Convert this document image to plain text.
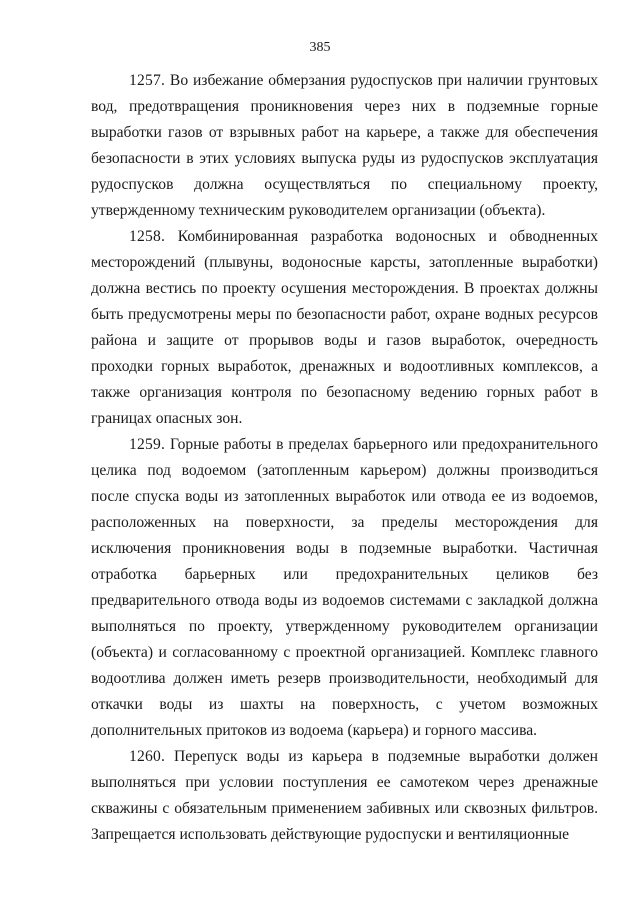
385

1257. Во избежание обмерзания рудоспусков при наличии грунтовых вод, предотвращения проникновения через них в подземные горные выработки газов от взрывных работ на карьере, а также для обеспечения безопасности в этих условиях выпуска руды из рудоспусков эксплуатация рудоспусков должна осуществляться по специальному проекту, утвержденному техническим руководителем организации (объекта).

1258. Комбинированная разработка водоносных и обводненных месторождений (плывуны, водоносные карсты, затопленные выработки) должна вестись по проекту осушения месторождения. В проектах должны быть предусмотрены меры по безопасности работ, охране водных ресурсов района и защите от прорывов воды и газов выработок, очередность проходки горных выработок, дренажных и водоотливных комплексов, а также организация контроля по безопасному ведению горных работ в границах опасных зон.

1259. Горные работы в пределах барьерного или предохранительного целика под водоемом (затопленным карьером) должны производиться после спуска воды из затопленных выработок или отвода ее из водоемов, расположенных на поверхности, за пределы месторождения для исключения проникновения воды в подземные выработки. Частичная отработка барьерных или предохранительных целиков без предварительного отвода воды из водоемов системами с закладкой должна выполняться по проекту, утвержденному руководителем организации (объекта) и согласованному с проектной организацией. Комплекс главного водоотлива должен иметь резерв производительности, необходимый для откачки воды из шахты на поверхность, с учетом возможных дополнительных притоков из водоема (карьера) и горного массива.

1260. Перепуск воды из карьера в подземные выработки должен выполняться при условии поступления ее самотеком через дренажные скважины с обязательным применением забивных или сквозных фильтров. Запрещается использовать действующие рудоспуски и вентиляционные
